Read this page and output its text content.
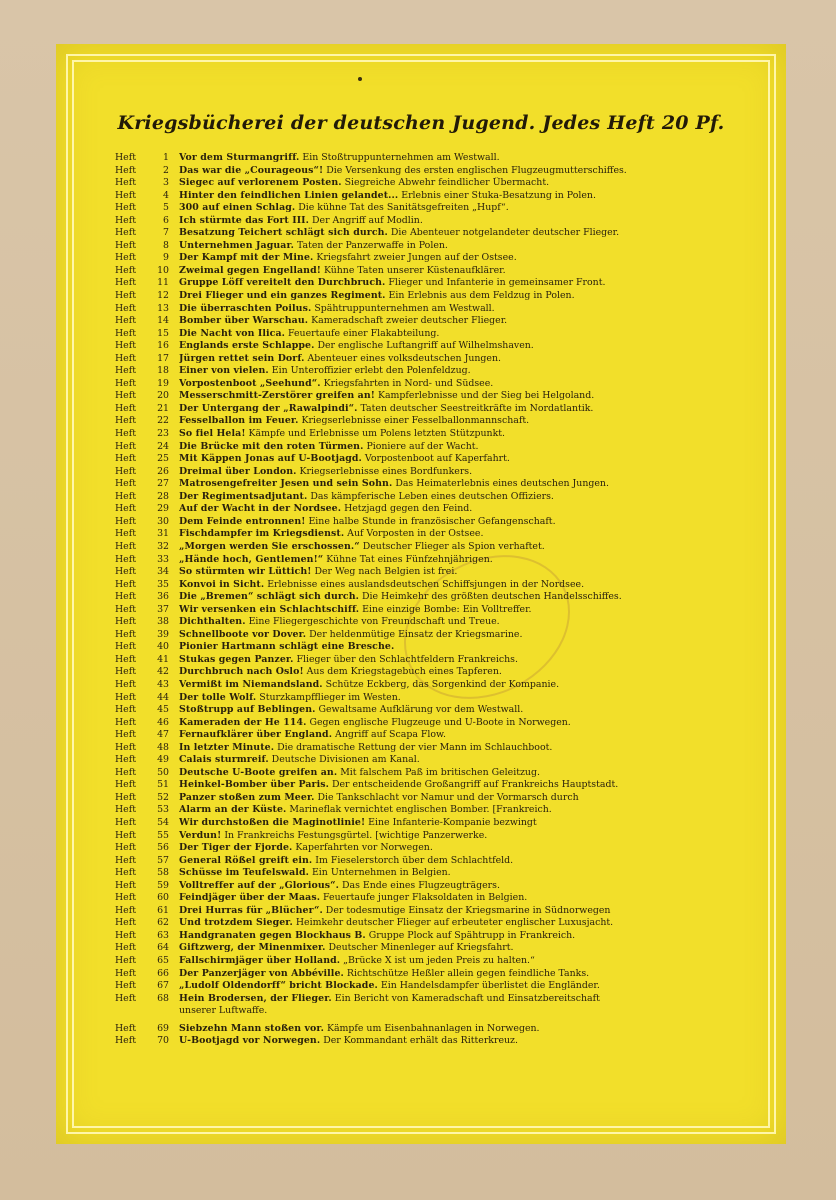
Kriegsbücherei der deutschen Jugend. Jedes Heft 20 Pf.
Heft	1	Vor dem Sturmangriff. Ein Stoßtruppunternehmen am Westwall.
Heft	2	Das war die „Courageous“! Die Versenkung des ersten englischen Flugzeugmutterschiffes.
Heft	3	Siegeс auf verlorenem Posten. Siegreiche Abwehr feindlicher Übermacht.
Heft	4	Hinter den feindlichen Linien gelandet... Erlebnis einer Stuka-Besatzung in Polen.
Heft	5	300 auf einen Schlag. Die kühne Tat des Sanitätsgefreiten „Hupf“.
Heft	6	Ich stürmte das Fort III. Der Angriff auf Modlin.
Heft	7	Besatzung Teichert schlägt sich durch. Die Abenteuer notgelandeter deutscher Flieger.
Heft	8	Unternehmen Jaguar. Taten der Panzerwaffe in Polen.
Heft	9	Der Kampf mit der Mine. Kriegsfahrt zweier Jungen auf der Ostsee.
Heft	10	Zweimal gegen Engelland! Kühne Taten unserer Küstenaufklärer.
Heft	11	Gruppe Löff vereitelt den Durchbruch. Flieger und Infanterie in gemeinsamer Front.
Heft	12	Drei Flieger und ein ganzes Regiment. Ein Erlebnis aus dem Feldzug in Polen.
Heft	13	Die überraschten Poilus. Spähtruppunternehmen am Westwall.
Heft	14	Bomber über Warschau. Kameradschaft zweier deutscher Flieger.
Heft	15	Die Nacht von Ilica. Feuertaufe einer Flakabteilung.
Heft	16	Englands erste Schlappe. Der englische Luftangriff auf Wilhelmshaven.
Heft	17	Jürgen rettet sein Dorf. Abenteuer eines volksdeutschen Jungen.
Heft	18	Einer von vielen. Ein Unteroffizier erlebt den Polenfeldzug.
Heft	19	Vorpostenboot „Seehund“. Kriegsfahrten in Nord- und Südsee.
Heft	20	Messerschmitt-Zerstörer greifen an! Kampferlebnisse und der Sieg bei Helgoland.
Heft	21	Der Untergang der „Rawalpindi“. Taten deutscher Seestreitkräfte im Nordatlantik.
Heft	22	Fesselballon im Feuer. Kriegserlebnisse einer Fesselballonmannschaft.
Heft	23	So fiel Hela! Kämpfe und Erlebnisse um Polens letzten Stützpunkt.
Heft	24	Die Brücke mit den roten Türmen. Pioniere auf der Wacht.
Heft	25	Mit Käppen Jonas auf U-Bootjagd. Vorpostenboot auf Kaperfahrt.
Heft	26	Dreimal über London. Kriegserlebnisse eines Bordfunkers.
Heft	27	Matrosengefreiter Jesen und sein Sohn. Das Heimaterlebnis eines deutschen Jungen.
Heft	28	Der Regimentsadjutant. Das kämpferische Leben eines deutschen Offiziers.
Heft	29	Auf der Wacht in der Nordsee. Hetzjagd gegen den Feind.
Heft	30	Dem Feinde entronnen! Eine halbe Stunde in französischer Gefangenschaft.
Heft	31	Fischdampfer im Kriegsdienst. Auf Vorposten in der Ostsee.
Heft	32	„Morgen werden Sie erschossen.“ Deutscher Flieger als Spion verhaftet.
Heft	33	„Hände hoch, Gentlemen!“ Kühne Tat eines Fünfzehnjährigen.
Heft	34	So stürmten wir Lüttich! Der Weg nach Belgien ist frei.
Heft	35	Konvoi in Sicht. Erlebnisse eines auslandsdeutschen Schiffsjungen in der Nordsee.
Heft	36	Die „Bremen“ schlägt sich durch. Die Heimkehr des größten deutschen Handelsschiffes.
Heft	37	Wir versenken ein Schlachtschiff. Eine einzige Bombe: Ein Volltreffer.
Heft	38	Dichthalten. Eine Fliegergeschichte von Freundschaft und Treue.
Heft	39	Schnellboote vor Dover. Der heldenmütige Einsatz der Kriegsmarine.
Heft	40	Pionier Hartmann schlägt eine Bresche.
Heft	41	Stukas gegen Panzer. Flieger über den Schlachtfeldern Frankreichs.
Heft	42	Durchbruch nach Oslo! Aus dem Kriegstagebuch eines Tapferen.
Heft	43	Vermißt im Niemandsland. Schütze Eckberg, das Sorgenkind der Kompanie.
Heft	44	Der tolle Wolf. Sturzkampfflieger im Westen.
Heft	45	Stoßtrupp auf Beblingen. Gewaltsame Aufklärung vor dem Westwall.
Heft	46	Kameraden der He 114. Gegen englische Flugzeuge und U-Boote in Norwegen.
Heft	47	Fernaufklärer über England. Angriff auf Scapa Flow.
Heft	48	In letzter Minute. Die dramatische Rettung der vier Mann im Schlauchboot.
Heft	49	Calais sturmreif. Deutsche Divisionen am Kanal.
Heft	50	Deutsche U-Boote greifen an. Mit falschem Paß im britischen Geleitzug.
Heft	51	Heinkel-Bomber über Paris. Der entscheidende Großangriff auf Frankreichs Hauptstadt.
Heft	52	Panzer stoßen zum Meer. Die Tankschlacht vor Namur und der Vormarsch durch
Heft	53	Alarm an der Küste. Marineflak vernichtet englischen Bomber. [Frankreich.
Heft	54	Wir durchstoßen die Maginotlinie! Eine Infanterie-Kompanie bezwingt
Heft	55	Verdun! In Frankreichs Festungsgürtel. [wichtige Panzerwerke.
Heft	56	Der Tiger der Fjorde. Kaperfahrten vor Norwegen.
Heft	57	General Rößel greift ein. Im Fieselerstorch über dem Schlachtfeld.
Heft	58	Schüsse im Teufelswald. Ein Unternehmen in Belgien.
Heft	59	Volltreffer auf der „Glorious“. Das Ende eines Flugzeugträgers.
Heft	60	Feindjäger über der Maas. Feuertaufe junger Flaksoldaten in Belgien.
Heft	61	Drei Hurras für „Blücher“. Der todesmutige Einsatz der Kriegsmarine in Südnorwegen
Heft	62	Und trotzdem Sieger. Heimkehr deutscher Flieger auf erbeuteter englischer Luxusjacht.
Heft	63	Handgranaten gegen Blockhaus B. Gruppe Plock auf Spähtrupp in Frankreich.
Heft	64	Giftzwerg, der Minenmixer. Deutscher Minenleger auf Kriegsfahrt.
Heft	65	Fallschirmjäger über Holland. „Brücke X ist um jeden Preis zu halten.“
Heft	66	Der Panzerjäger von Abbéville. Richtschütze Heßler allein gegen feindliche Tanks.
Heft	67	„Ludolf Oldendorff“ bricht Blockade. Ein Handelsdampfer überlistet die Engländer.
Heft	68	Hein Brodersen, der Flieger. Ein Bericht von Kameradschaft und Einsatzbereitschaft
unserer Luftwaffe.
Heft	69	Siebzehn Mann stoßen vor. Kämpfe um Eisenbahnanlagen in Norwegen.
Heft	70	U-Bootjagd vor Norwegen. Der Kommandant erhält das Ritterkreuz.
